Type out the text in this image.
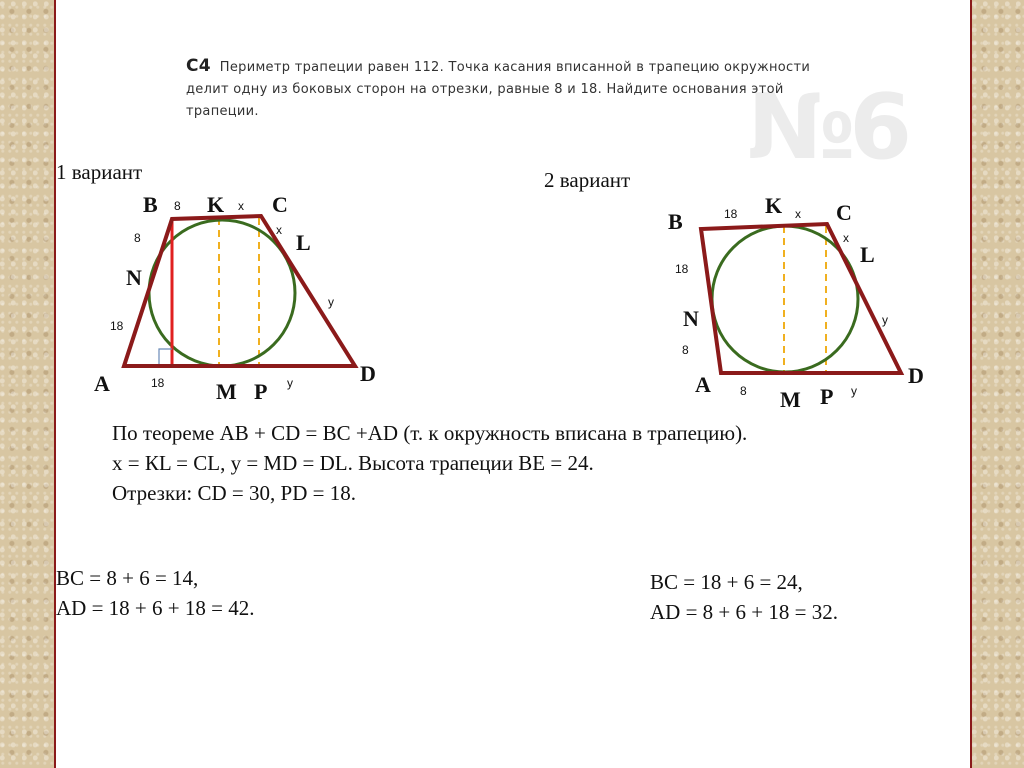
№6

C4 Периметр трапеции равен 112. Точка касания вписанной в трапецию окружности

делит одну из боковых сторон на отрезки, равные 8 и 18. Найдите основания этой

трапеции.

1 вариант	2 вариант
B K C
L
N
A	M P
D
8	x
x
8
18
y
18	y
B
K C
L
N
A
M P
D
18	x
x
18
8
y
8	y
По теореме AB + CD = BC +AD (т. к окружность вписана в трапецию).
x = КL = CL, y = MD = DL. Высота трапеции BE = 24.
Отрезки: CD = 30, PD = 18.
BC = 8 + 6 = 14,
AD = 18 + 6 + 18 = 42.
BC = 18 + 6 = 24,
AD = 8 + 6 + 18 = 32.
